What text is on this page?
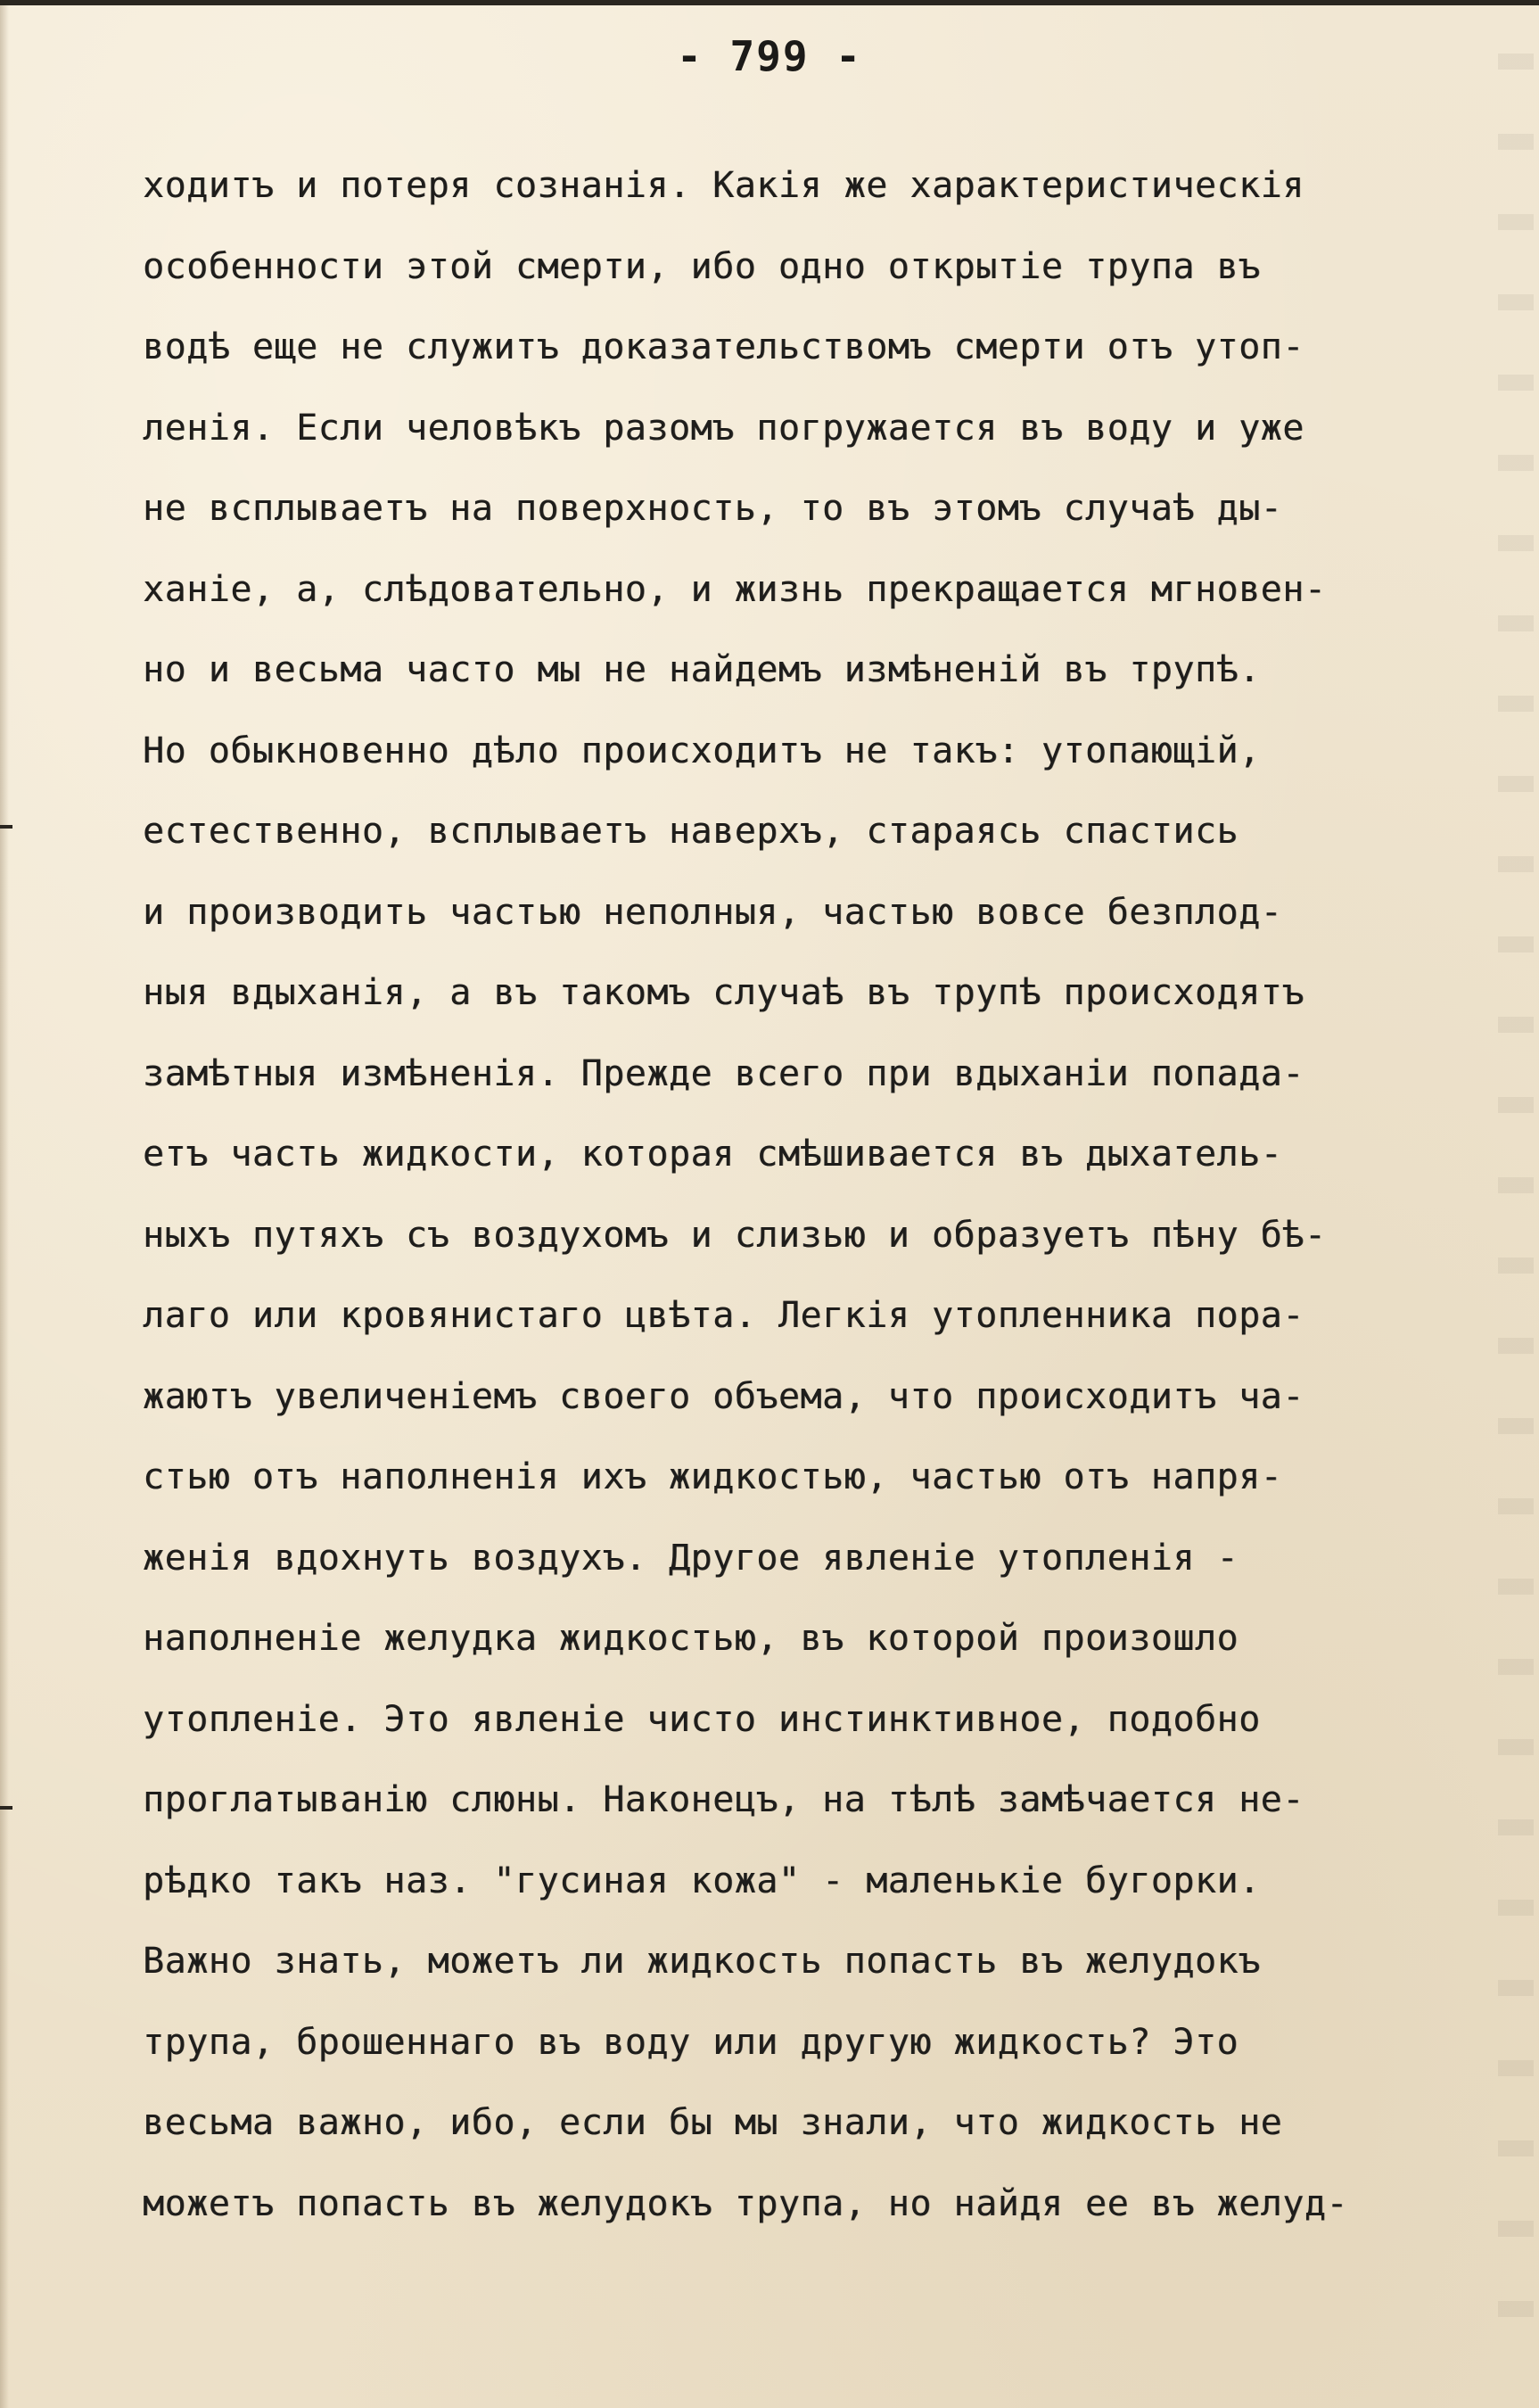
- 799 -
ходитъ и потеря сознанія. Какія же характеристическія
особенности этой смерти, ибо одно открытіе трупа въ
водѣ еще не служитъ доказательствомъ смерти отъ утоп-
ленія. Если человѣкъ разомъ погружается въ воду и уже
не всплываетъ на поверхность, то въ этомъ случаѣ ды-
ханіе, а, слѣдовательно, и жизнь прекращается мгновен-
но и весьма часто мы не найдемъ измѣненій въ трупѣ.
Но обыкновенно дѣло происходитъ не такъ: утопающій,
естественно, всплываетъ наверхъ, стараясь спастись
и производить частью неполныя, частью вовсе безплод-
ныя вдыханія, а въ такомъ случаѣ въ трупѣ происходятъ
замѣтныя измѣненія. Прежде всего при вдыханіи попада-
етъ часть жидкости, которая смѣшивается въ дыхатель-
ныхъ путяхъ съ воздухомъ и слизью и образуетъ пѣну бѣ-
лаго или кровянистаго цвѣта. Легкія утопленника пора-
жаютъ увеличеніемъ своего объема, что происходитъ ча-
стью отъ наполненія ихъ жидкостью, частью отъ напря-
женія вдохнуть воздухъ. Другое явленіе утопленія -
наполненіе желудка жидкостью, въ которой произошло
утопленіе. Это явленіе чисто инстинктивное, подобно
проглатыванію слюны. Наконецъ, на тѣлѣ замѣчается не-
рѣдко такъ наз. "гусиная кожа" - маленькіе бугорки.
Важно знать, можетъ ли жидкость попасть въ желудокъ
трупа, брошеннаго въ воду или другую жидкость? Это
весьма важно, ибо, если бы мы знали, что жидкость не
можетъ попасть въ желудокъ трупа, но найдя ее въ желуд-
